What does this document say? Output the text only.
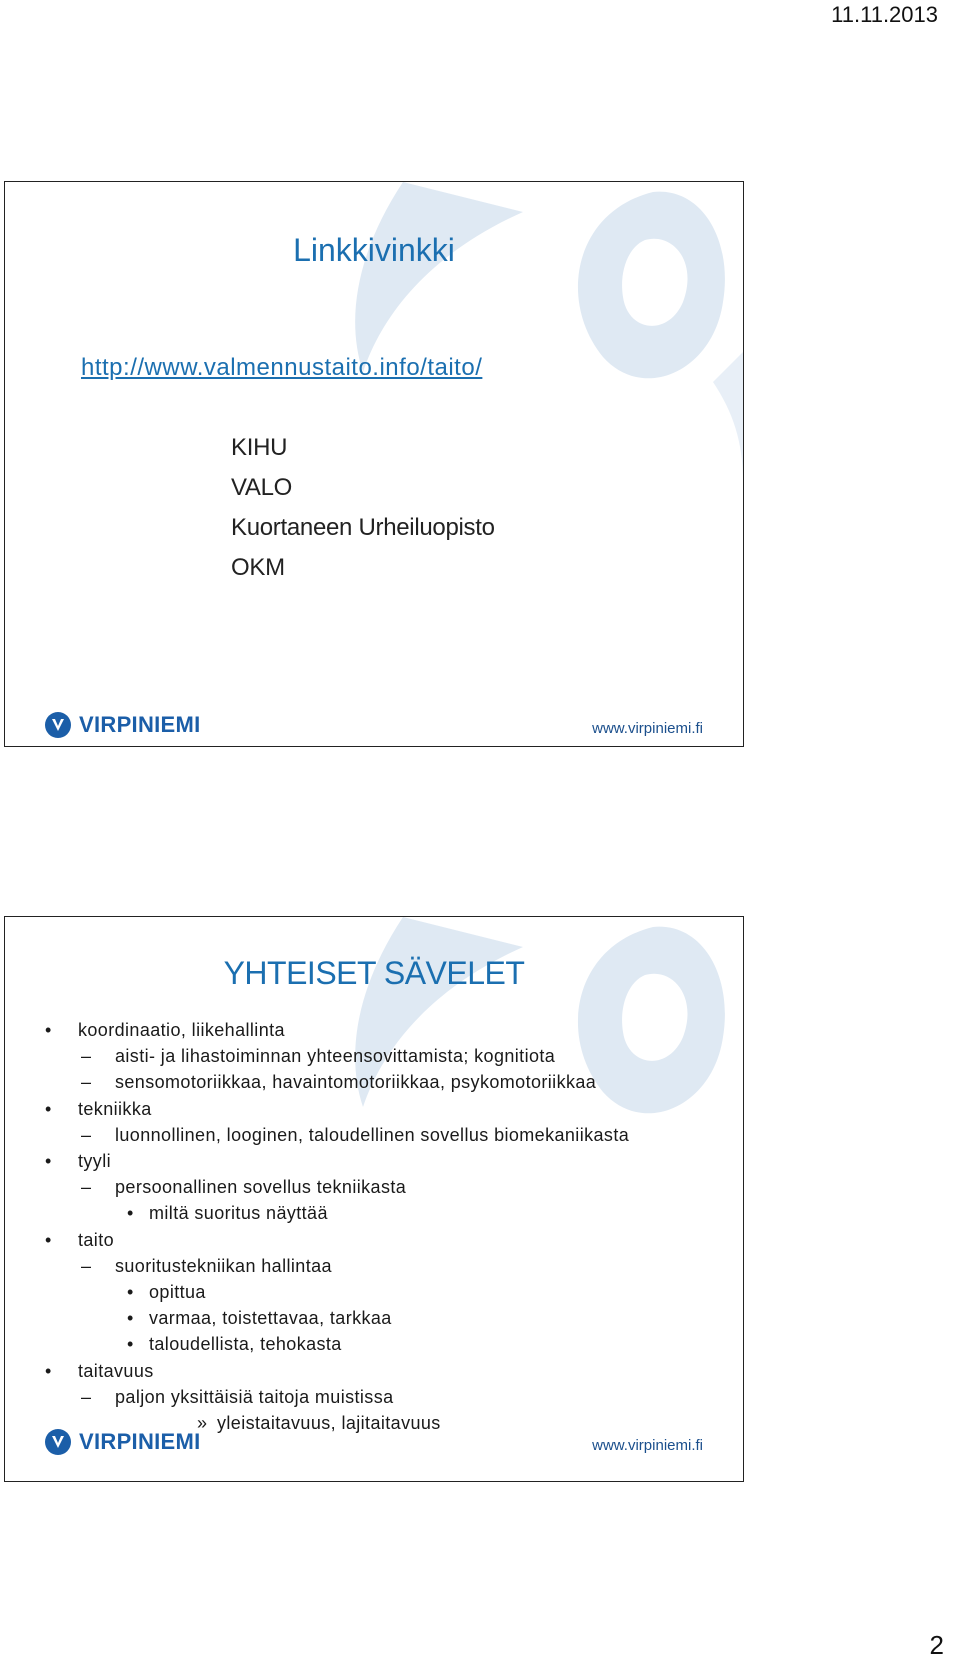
11.11.2013
Linkkivinkki
http://www.valmennustaito.info/taito/
KIHU
VALO
Kuortaneen Urheiluopisto
OKM
VIRPINIEMI	www.virpiniemi.fi
YHTEISET SÄVELET
• koordinaatio, liikehallinta
– aisti- ja lihastoiminnan yhteensovittamista; kognitiota
– sensomotoriikkaa, havaintomotoriikkaa, psykomotoriikkaa
• tekniikka
– luonnollinen, looginen, taloudellinen sovellus biomekaniikasta
• tyyli
– persoonallinen sovellus tekniikasta
• miltä suoritus näyttää
• taito
– suoritustekniikan hallintaa
• opittua
• varmaa, toistettavaa, tarkkaa
• taloudellista, tehokasta
• taitavuus
– paljon yksittäisiä taitoja muistissa
» yleistaitavuus, lajitaitavuus
VIRPINIEMI	www.virpiniemi.fi
2
